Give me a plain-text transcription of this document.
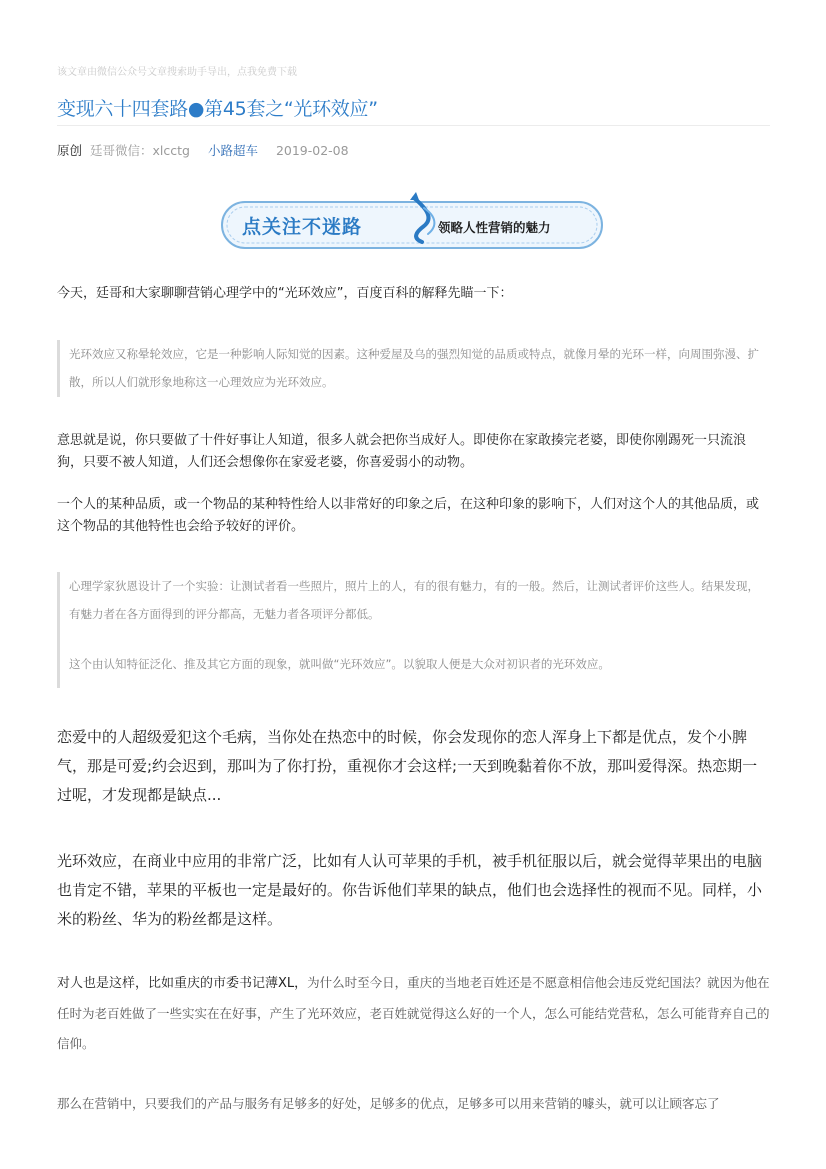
该文章由微信公众号文章搜索助手导出，点我免费下载
变现六十四套路●第45套之“光环效应”
原创 廷哥微信：xlcctg 小路超车 2019-02-08
点关注不迷路	领略人性营销的魅力

今天，廷哥和大家聊聊营销心理学中的“光环效应”，百度百科的解释先瞄一下：

光环效应又称晕轮效应，它是一种影响人际知觉的因素。这种爱屋及乌的强烈知觉的品质或特点，就像月晕的光环一样，向周围弥漫、扩散，所以人们就形象地称这一心理效应为光环效应。

意思就是说，你只要做了十件好事让人知道，很多人就会把你当成好人。即使你在家敢揍完老婆，即使你刚踢死一只流浪狗，只要不被人知道，人们还会想像你在家爱老婆，你喜爱弱小的动物。

一个人的某种品质，或一个物品的某种特性给人以非常好的印象之后，在这种印象的影响下，人们对这个人的其他品质，或这个物品的其他特性也会给予较好的评价。

心理学家狄恩设计了一个实验：让测试者看一些照片，照片上的人，有的很有魅力，有的一般。然后，让测试者评价这些人。结果发现，有魅力者在各方面得到的评分都高，无魅力者各项评分都低。

这个由认知特征泛化、推及其它方面的现象，就叫做“光环效应”。以貌取人便是大众对初识者的光环效应。

恋爱中的人超级爱犯这个毛病，当你处在热恋中的时候，你会发现你的恋人浑身上下都是优点，发个小脾气，那是可爱;约会迟到，那叫为了你打扮，重视你才会这样;一天到晚黏着你不放，那叫爱得深。热恋期一过呢，才发现都是缺点...

光环效应，在商业中应用的非常广泛，比如有人认可苹果的手机，被手机征服以后，就会觉得苹果出的电脑也肯定不错，苹果的平板也一定是最好的。你告诉他们苹果的缺点，他们也会选择性的视而不见。同样，小米的粉丝、华为的粉丝都是这样。

对人也是这样，比如重庆的市委书记薄XL，为什么时至今日，重庆的当地老百姓还是不愿意相信他会违反党纪国法？就因为他在任时为老百姓做了一些实实在在好事，产生了光环效应，老百姓就觉得这么好的一个人，怎么可能结党营私，怎么可能背弃自己的信仰。

那么在营销中，只要我们的产品与服务有足够多的好处，足够多的优点，足够多可以用来营销的噱头，就可以让顾客忘了
